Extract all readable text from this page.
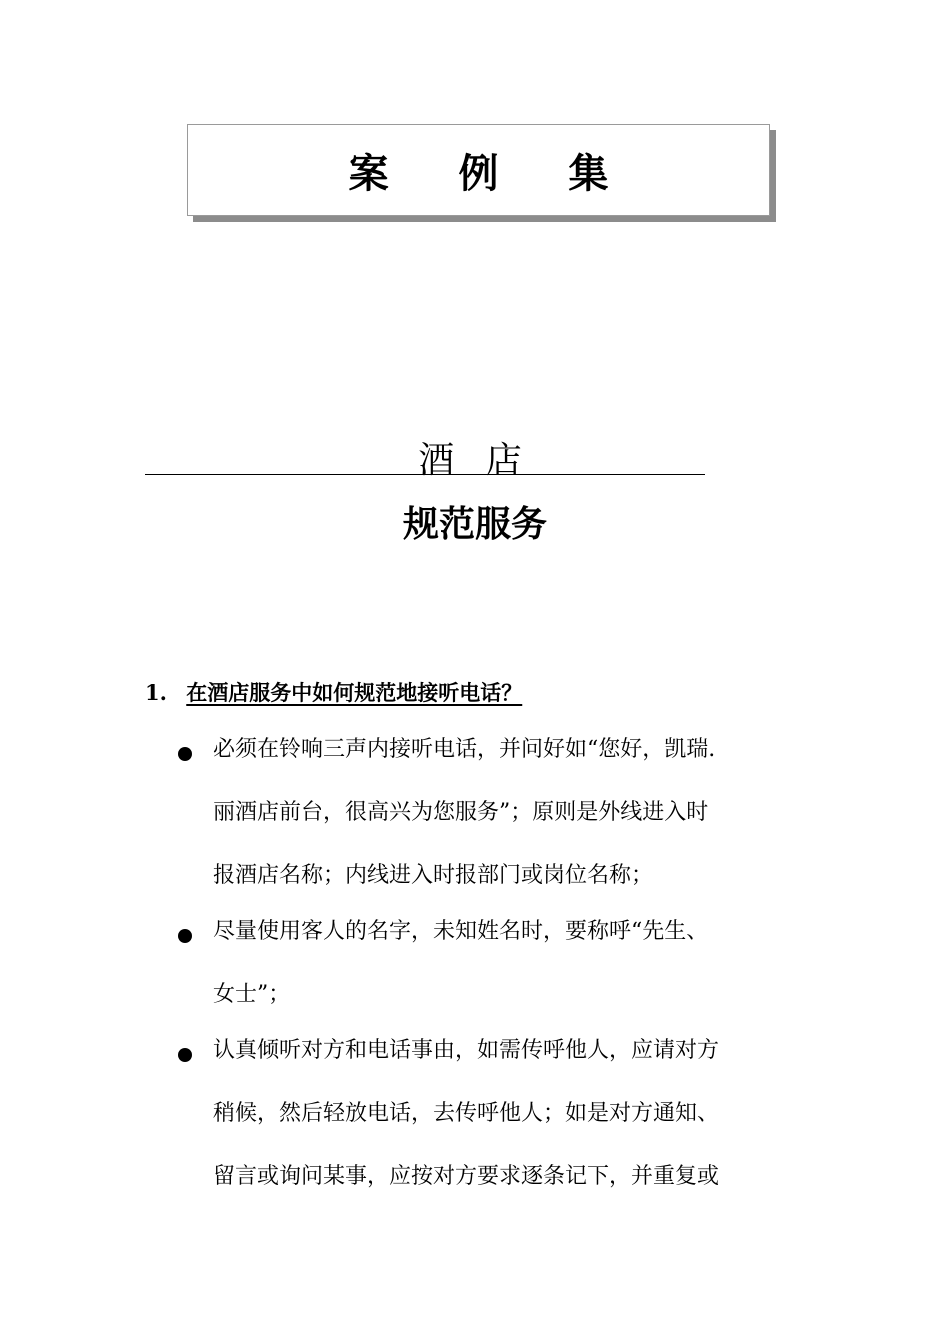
案 例 集
酒 店
规范服务
1. 在酒店服务中如何规范地接听电话？
必须在铃响三声内接听电话，并问好如“您好，凯瑞.
丽酒店前台，很高兴为您服务”；原则是外线进入时
报酒店名称；内线进入时报部门或岗位名称；
尽量使用客人的名字，未知姓名时，要称呼“先生、
女士”；
认真倾听对方和电话事由，如需传呼他人，应请对方
稍候，然后轻放电话，去传呼他人；如是对方通知、
留言或询问某事，应按对方要求逐条记下，并重复或
